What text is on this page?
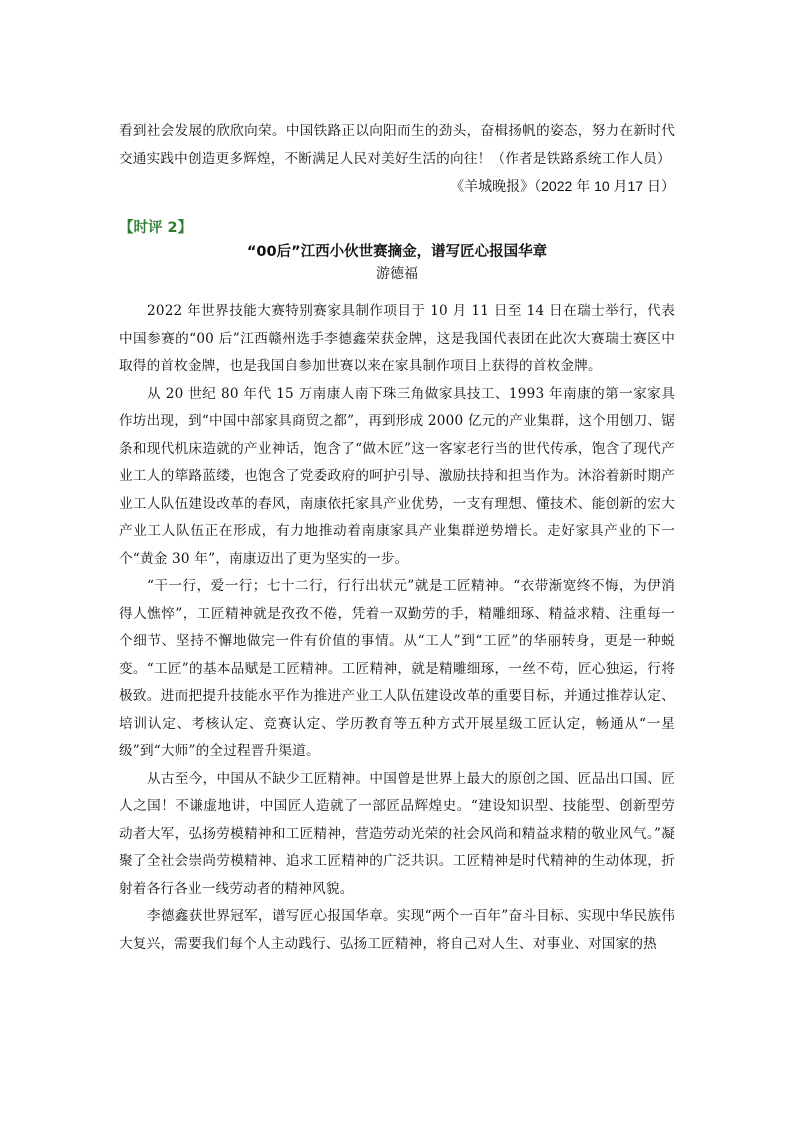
看到社会发展的欣欣向荣。中国铁路正以向阳而生的劲头，奋楫扬帆的姿态，努力在新时代交通实践中创造更多辉煌，不断满足人民对美好生活的向往！（作者是铁路系统工作人员）

《羊城晚报》（2022 年 10 月17 日）

【时评 2】
“00后”江西小伙世赛摘金，谱写匠心报国华章
游德福

2022 年世界技能大赛特别赛家具制作项目于 10 月 11 日至 14 日在瑞士举行，代表中国参赛的“00 后”江西赣州选手李德鑫荣获金牌，这是我国代表团在此次大赛瑞士赛区中取得的首枚金牌，也是我国自参加世赛以来在家具制作项目上获得的首枚金牌。

从 20 世纪 80 年代 15 万南康人南下珠三角做家具技工、1993 年南康的第一家家具作坊出现，到“中国中部家具商贸之都”，再到形成 2000 亿元的产业集群，这个用刨刀、锯条和现代机床造就的产业神话，饱含了“做木匠”这一客家老行当的世代传承，饱含了现代产业工人的筚路蓝缕，也饱含了党委政府的呵护引导、激励扶持和担当作为。沐浴着新时期产业工人队伍建设改革的春风，南康依托家具产业优势，一支有理想、懂技术、能创新的宏大产业工人队伍正在形成，有力地推动着南康家具产业集群逆势增长。走好家具产业的下一个“黄金 30 年”，南康迈出了更为坚实的一步。

“干一行，爱一行；七十二行，行行出状元”就是工匠精神。“衣带渐宽终不悔，为伊消得人憔悴”，工匠精神就是孜孜不倦，凭着一双勤劳的手，精雕细琢、精益求精、注重每一个细节、坚持不懈地做完一件有价值的事情。从“工人”到“工匠”的华丽转身，更是一种蜕变。“工匠”的基本品赋是工匠精神。工匠精神，就是精雕细琢，一丝不苟，匠心独运，行将极致。进而把提升技能水平作为推进产业工人队伍建设改革的重要目标，并通过推荐认定、培训认定、考核认定、竞赛认定、学历教育等五种方式开展星级工匠认定，畅通从“一星级”到“大师”的全过程晋升渠道。

从古至今，中国从不缺少工匠精神。中国曾是世界上最大的原创之国、匠品出口国、匠人之国！不谦虚地讲，中国匠人造就了一部匠品辉煌史。“建设知识型、技能型、创新型劳动者大军，弘扬劳模精神和工匠精神，营造劳动光荣的社会风尚和精益求精的敬业风气。”凝聚了全社会崇尚劳模精神、追求工匠精神的广泛共识。工匠精神是时代精神的生动体现，折射着各行各业一线劳动者的精神风貌。

李德鑫获世界冠军，谱写匠心报国华章。实现“两个一百年”奋斗目标、实现中华民族伟大复兴，需要我们每个人主动践行、弘扬工匠精神，将自己对人生、对事业、对国家的热
